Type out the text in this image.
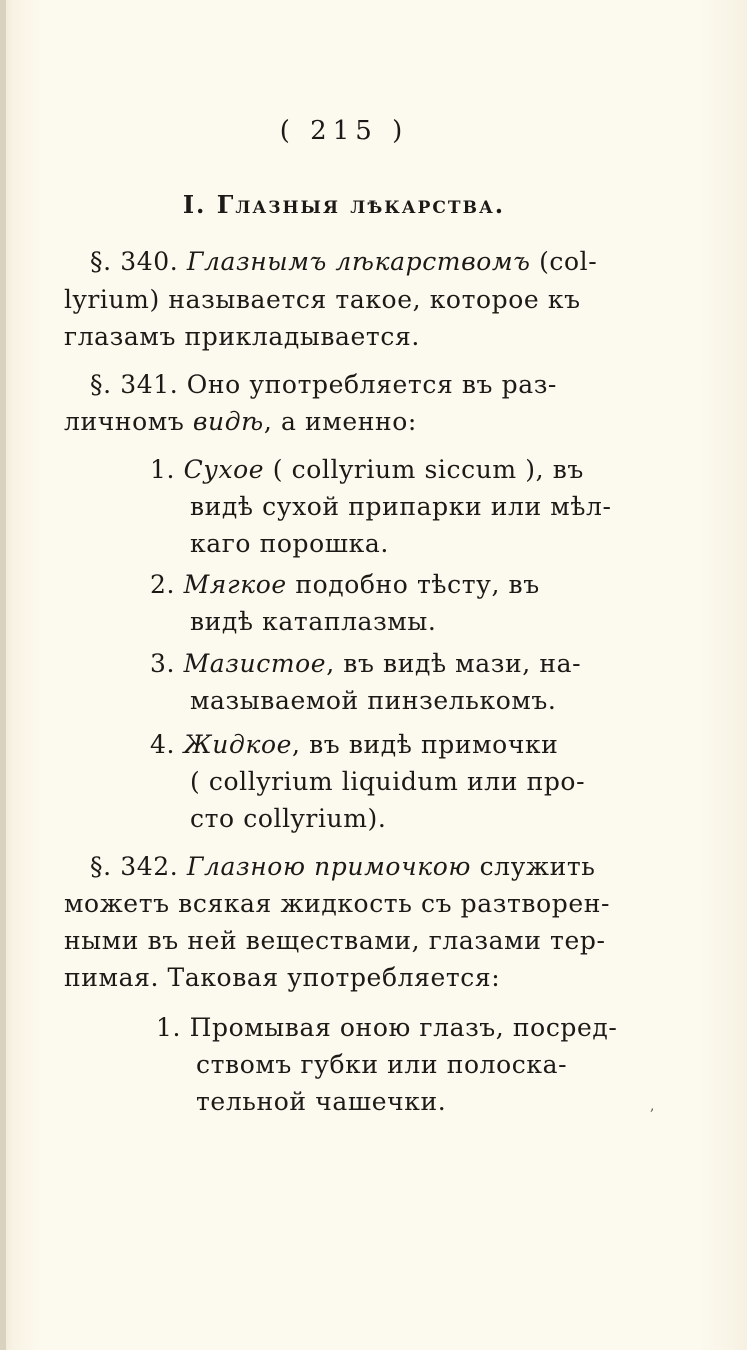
( 215 )
I. Глазныя лѣкарства.
§. 340. Глазнымъ лѣкарствомъ (col-
lyrium) называется такое, которое къ
глазамъ прикладывается.
§. 341. Оно употребляется въ раз-
личномъ видѣ, а именно:
1. Сухое ( collyrium siccum ), въ
видѣ сухой припарки или мѣл-
каго порошка.
2. Мягкое подобно тѣсту, въ
видѣ катаплазмы.
3. Мазистое, въ видѣ мази, на-
мазываемой пинзелькомъ.
4. Жидкое, въ видѣ примочки
( collyrium liquidum или про-
сто collyrium).
§. 342. Глазною примочкою служить
можетъ всякая жидкость съ разтворен-
ными въ ней веществами, глазами тер-
пимая. Таковая употребляется:
1. Промывая оною глазъ, посред-
ствомъ губки или полоска-
тельной чашечки.	,
